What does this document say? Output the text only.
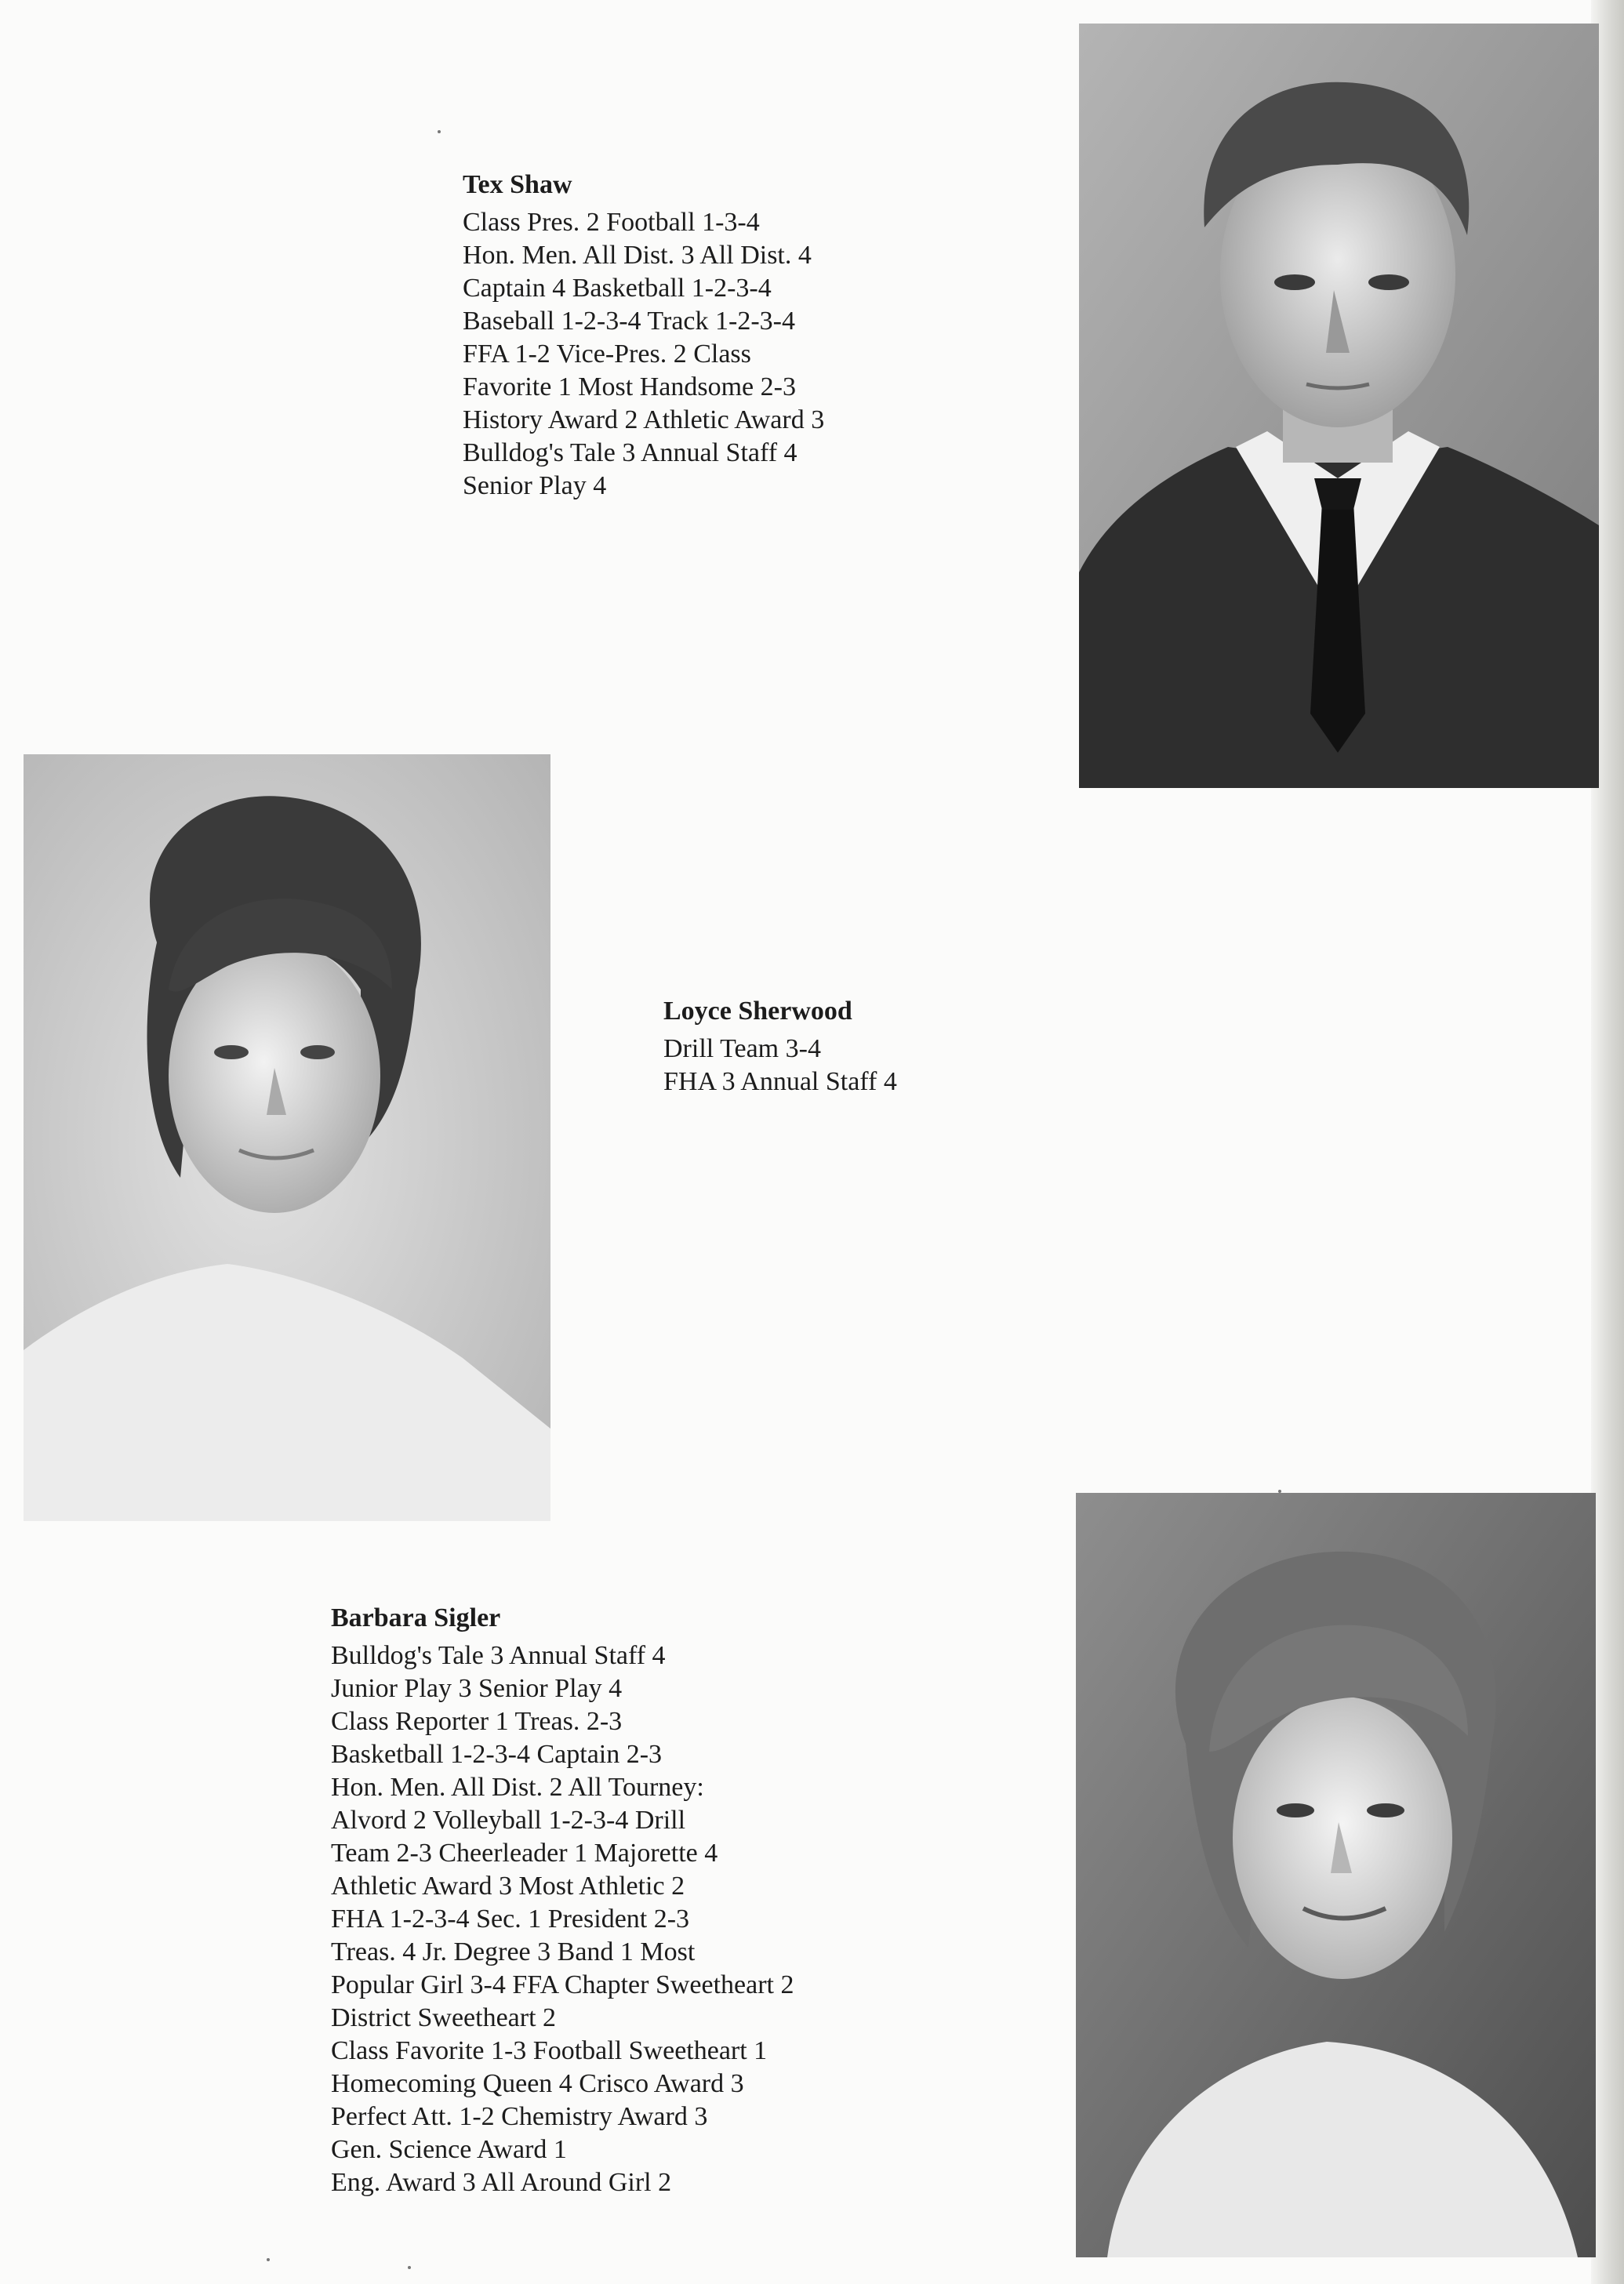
Tex Shaw
Class Pres. 2 Football 1-3-4
Hon. Men. All Dist. 3 All Dist. 4
Captain 4 Basketball 1-2-3-4
Baseball 1-2-3-4 Track 1-2-3-4
FFA 1-2 Vice-Pres. 2 Class
Favorite 1 Most Handsome 2-3
History Award 2 Athletic Award 3
Bulldog's Tale 3 Annual Staff 4
Senior Play 4
Loyce Sherwood
Drill Team 3-4
FHA 3 Annual Staff 4
Barbara Sigler
Bulldog's Tale 3 Annual Staff 4
Junior Play 3 Senior Play 4
Class Reporter 1 Treas. 2-3
Basketball 1-2-3-4 Captain 2-3
Hon. Men. All Dist. 2 All Tourney:
Alvord 2 Volleyball 1-2-3-4 Drill
Team 2-3 Cheerleader 1 Majorette 4
Athletic Award 3 Most Athletic 2
FHA 1-2-3-4 Sec. 1 President 2-3
Treas. 4 Jr. Degree 3 Band 1 Most
Popular Girl 3-4 FFA Chapter Sweetheart 2
District Sweetheart 2
Class Favorite 1-3 Football Sweetheart 1
Homecoming Queen 4 Crisco Award 3
Perfect Att. 1-2 Chemistry Award 3
Gen. Science Award 1
Eng. Award 3 All Around Girl 2
